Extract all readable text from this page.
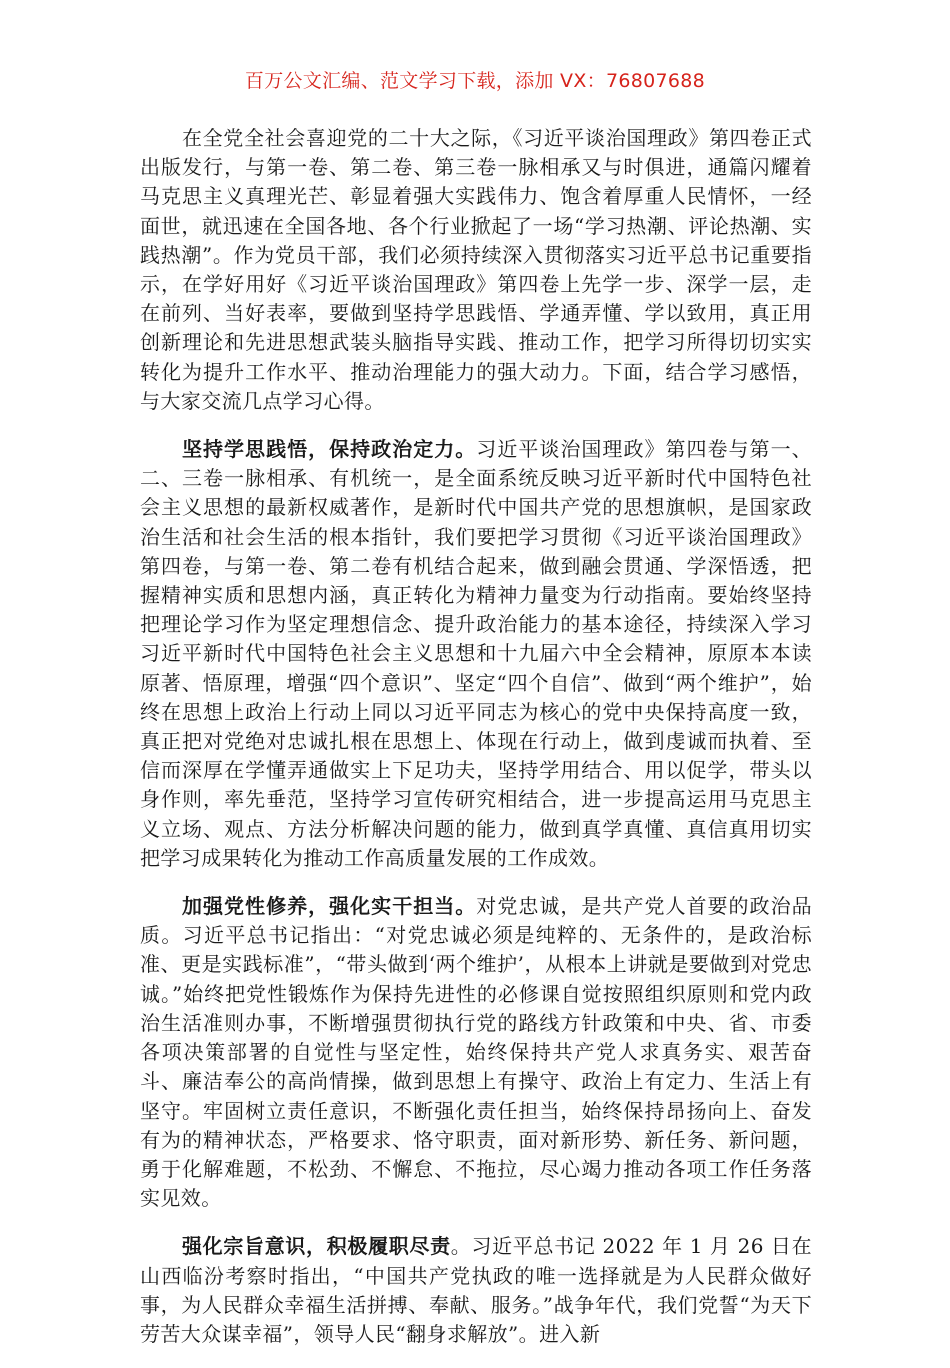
百万公文汇编、范文学习下载，添加 VX：76807688

在全党全社会喜迎党的二十大之际，《习近平谈治国理政》第四卷正式出版发行，与第一卷、第二卷、第三卷一脉相承又与时俱进，通篇闪耀着马克思主义真理光芒、彰显着强大实践伟力、饱含着厚重人民情怀，一经面世，就迅速在全国各地、各个行业掀起了一场“学习热潮、评论热潮、实践热潮”。作为党员干部，我们必须持续深入贯彻落实习近平总书记重要指示，在学好用好《习近平谈治国理政》第四卷上先学一步、深学一层，走在前列、当好表率，要做到坚持学思践悟、学通弄懂、学以致用，真正用创新理论和先进思想武装头脑指导实践、推动工作，把学习所得切切实实转化为提升工作水平、推动治理能力的强大动力。下面，结合学习感悟，与大家交流几点学习心得。

坚持学思践悟，保持政治定力。习近平谈治国理政》第四卷与第一、二、三卷一脉相承、有机统一，是全面系统反映习近平新时代中国特色社会主义思想的最新权威著作，是新时代中国共产党的思想旗帜，是国家政治生活和社会生活的根本指针，我们要把学习贯彻《习近平谈治国理政》第四卷，与第一卷、第二卷有机结合起来，做到融会贯通、学深悟透，把握精神实质和思想内涵，真正转化为精神力量变为行动指南。要始终坚持把理论学习作为坚定理想信念、提升政治能力的基本途径，持续深入学习习近平新时代中国特色社会主义思想和十九届六中全会精神，原原本本读原著、悟原理，增强“四个意识”、坚定“四个自信”、做到“两个维护”，始终在思想上政治上行动上同以习近平同志为核心的党中央保持高度一致，真正把对党绝对忠诚扎根在思想上、体现在行动上，做到虔诚而执着、至信而深厚在学懂弄通做实上下足功夫，坚持学用结合、用以促学，带头以身作则，率先垂范，坚持学习宣传研究相结合，进一步提高运用马克思主义立场、观点、方法分析解决问题的能力，做到真学真懂、真信真用切实把学习成果转化为推动工作高质量发展的工作成效。

加强党性修养，强化实干担当。对党忠诚，是共产党人首要的政治品质。习近平总书记指出：“对党忠诚必须是纯粹的、无条件的，是政治标准、更是实践标准”，“带头做到‘两个维护’，从根本上讲就是要做到对党忠诚。”始终把党性锻炼作为保持先进性的必修课自觉按照组织原则和党内政治生活准则办事，不断增强贯彻执行党的路线方针政策和中央、省、市委各项决策部署的自觉性与坚定性，始终保持共产党人求真务实、艰苦奋斗、廉洁奉公的高尚情操，做到思想上有操守、政治上有定力、生活上有坚守。牢固树立责任意识，不断强化责任担当，始终保持昂扬向上、奋发有为的精神状态，严格要求、恪守职责，面对新形势、新任务、新问题，勇于化解难题，不松劲、不懈怠、不拖拉，尽心竭力推动各项工作任务落实见效。

强化宗旨意识，积极履职尽责。习近平总书记 2022 年 1 月 26 日在山西临汾考察时指出，“中国共产党执政的唯一选择就是为人民群众做好事，为人民群众幸福生活拼搏、奉献、服务。”战争年代，我们党誓“为天下劳苦大众谋幸福”，领导人民“翻身求解放”。进入新
